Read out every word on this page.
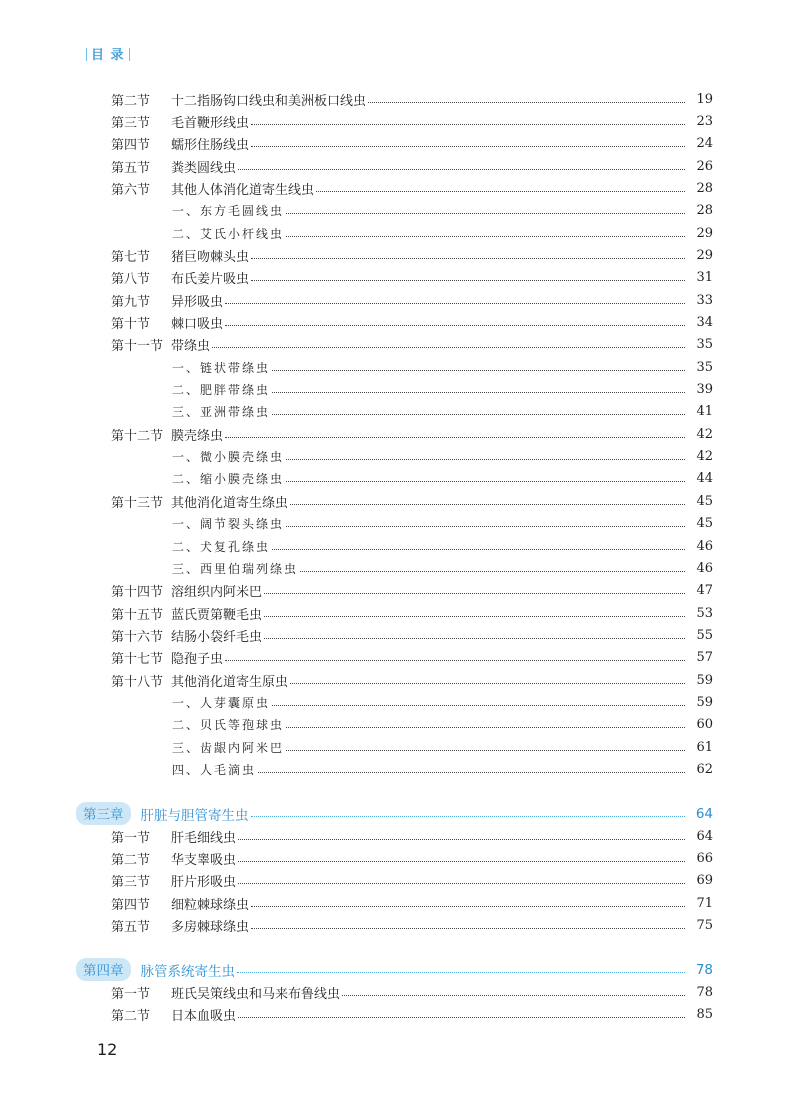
目 录
第二节	十二指肠钩口线虫和美洲板口线虫	19
第三节	毛首鞭形线虫	23
第四节	蠕形住肠线虫	24
第五节	粪类圆线虫	26
第六节	其他人体消化道寄生线虫	28
一、东方毛圆线虫	28
二、艾氏小杆线虫	29
第七节	猪巨吻棘头虫	29
第八节	布氏姜片吸虫	31
第九节	异形吸虫	33
第十节	棘口吸虫	34
第十一节 带绦虫	35
一、链状带绦虫	35
二、肥胖带绦虫	39
三、亚洲带绦虫	41
第十二节 膜壳绦虫	42
一、微小膜壳绦虫	42
二、缩小膜壳绦虫	44
第十三节 其他消化道寄生绦虫	45
一、阔节裂头绦虫	45
二、犬复孔绦虫	46
三、西里伯瑞列绦虫	46
第十四节 溶组织内阿米巴	47
第十五节 蓝氏贾第鞭毛虫	53
第十六节 结肠小袋纤毛虫	55
第十七节 隐孢子虫	57
第十八节 其他消化道寄生原虫	59
一、人芽囊原虫	59
二、贝氏等孢球虫	60
三、齿龈内阿米巴	61
四、人毛滴虫	62
第三章	肝脏与胆管寄生虫	64
第一节	肝毛细线虫	64
第二节	华支睾吸虫	66
第三节	肝片形吸虫	69
第四节	细粒棘球绦虫	71
第五节	多房棘球绦虫	75
第四章	脉管系统寄生虫	78
第一节	班氏吴策线虫和马来布鲁线虫	78
第二节	日本血吸虫	85
12
